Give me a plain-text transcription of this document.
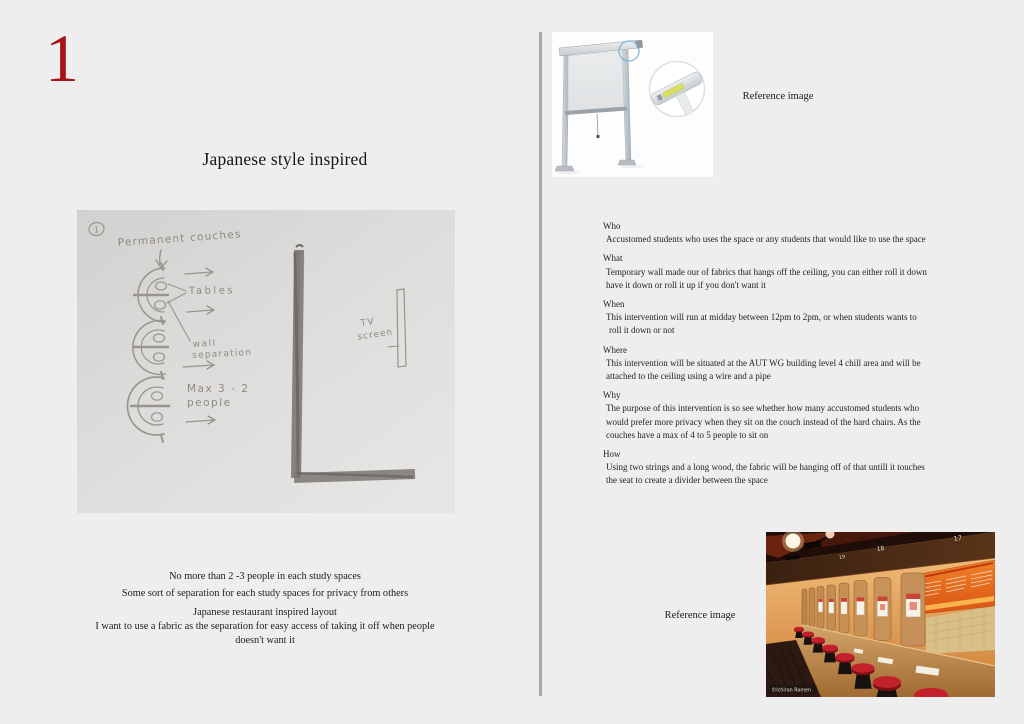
1
Japanese style inspired
1 Permanent couches
Tables
wall
separation
Max 3 - 2
people
TV
screen
No more than 2 -3 people in each study spaces
Some sort of separation for each study spaces for privacy from others
Japanese restaurant inspired layout
I want to use a fabric as the separation for easy access of taking it off when people
doesn't want it
Reference image
Who
Accustomed students who uses the space or any students that would like to use the space
What
Temporary wall made our of fabrics that hangs off the ceiling, you can either roll it down
have it down or roll it up if you don't want it
When
This intervention will run at midday between 12pm to 2pm, or when students wants to
roll it down or not
Where
This intervention will be situated at the AUT WG building level 4 chill area and will be
attached to the ceiling using a wire and a pipe
Why
The purpose of this intervention is so see whether how many accustomed students who
would prefer more privacy when they sit on the couch instead of the hard chairs. As the
couches have a max of 4 to 5 people to sit on
How
Using two strings and a long wood, the fabric will be hanging off of that untill it touches
the seat to create a divider between the space
Reference image
17
18
19
©Ichiran Ramen
